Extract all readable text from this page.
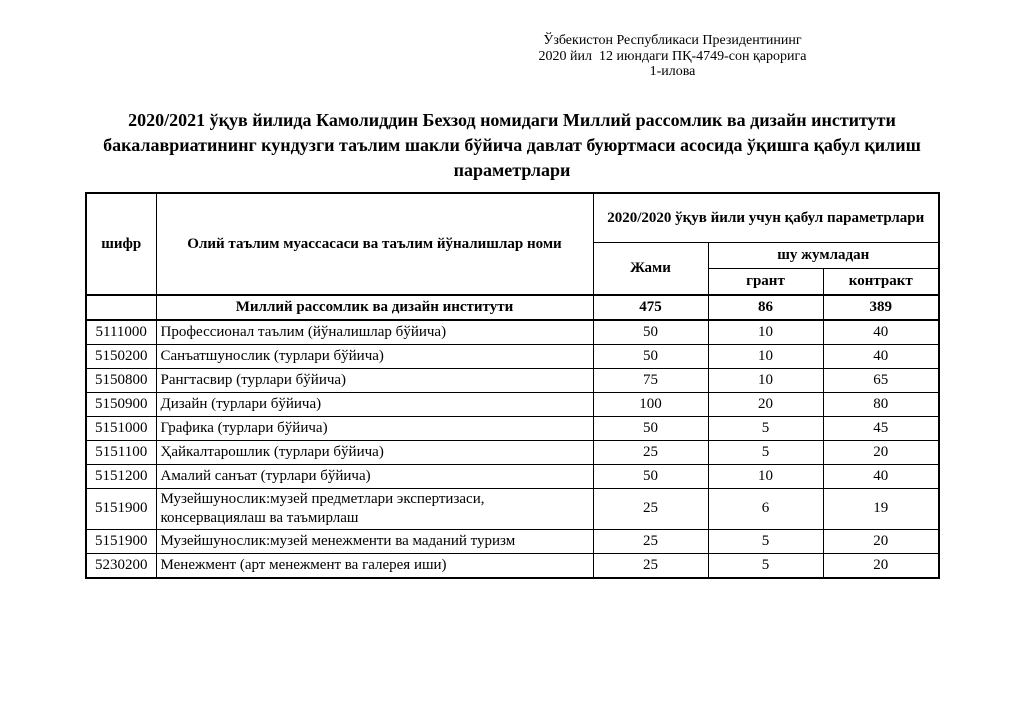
Ўзбекистон Республикаси Президентининг
2020 йил  12 июндаги ПҚ-4749-сон қарорига
1-илова
2020/2021 ўқув йилида Камолиддин Бехзод номидаги Миллий рассомлик ва дизайн институти бакалавриатининг кундузги таълим шакли бўйича давлат буюртмаси асосида ўқишга қабул қилиш параметрлари
шифр	Олий таълим муассасаси ва таълим йўналишлар номи	2020/2020 ўқув йили учун қабул параметрлари		
		Жами	шу жумладан	
			грант	контракт
	Миллий рассомлик ва дизайн институти	475	86	389
5111000	Профессионал таълим (йўналишлар бўйича)	50	10	40
5150200	Санъатшунослик (турлари бўйича)	50	10	40
5150800	Рангтасвир (турлари бўйича)	75	10	65
5150900	Дизайн (турлари бўйича)	100	20	80
5151000	Графика (турлари бўйича)	50	5	45
5151100	Ҳайкалтарошлик (турлари бўйича)	25	5	20
5151200	Амалий санъат (турлари бўйича)	50	10	40
5151900	Музейшунослик:музей предметлари экспертизаси, консервациялаш ва таъмирлаш	25	6	19
5151900	Музейшунослик:музей менежменти ва маданий туризм	25	5	20
5230200	Менежмент (арт менежмент ва галерея иши)	25	5	20
